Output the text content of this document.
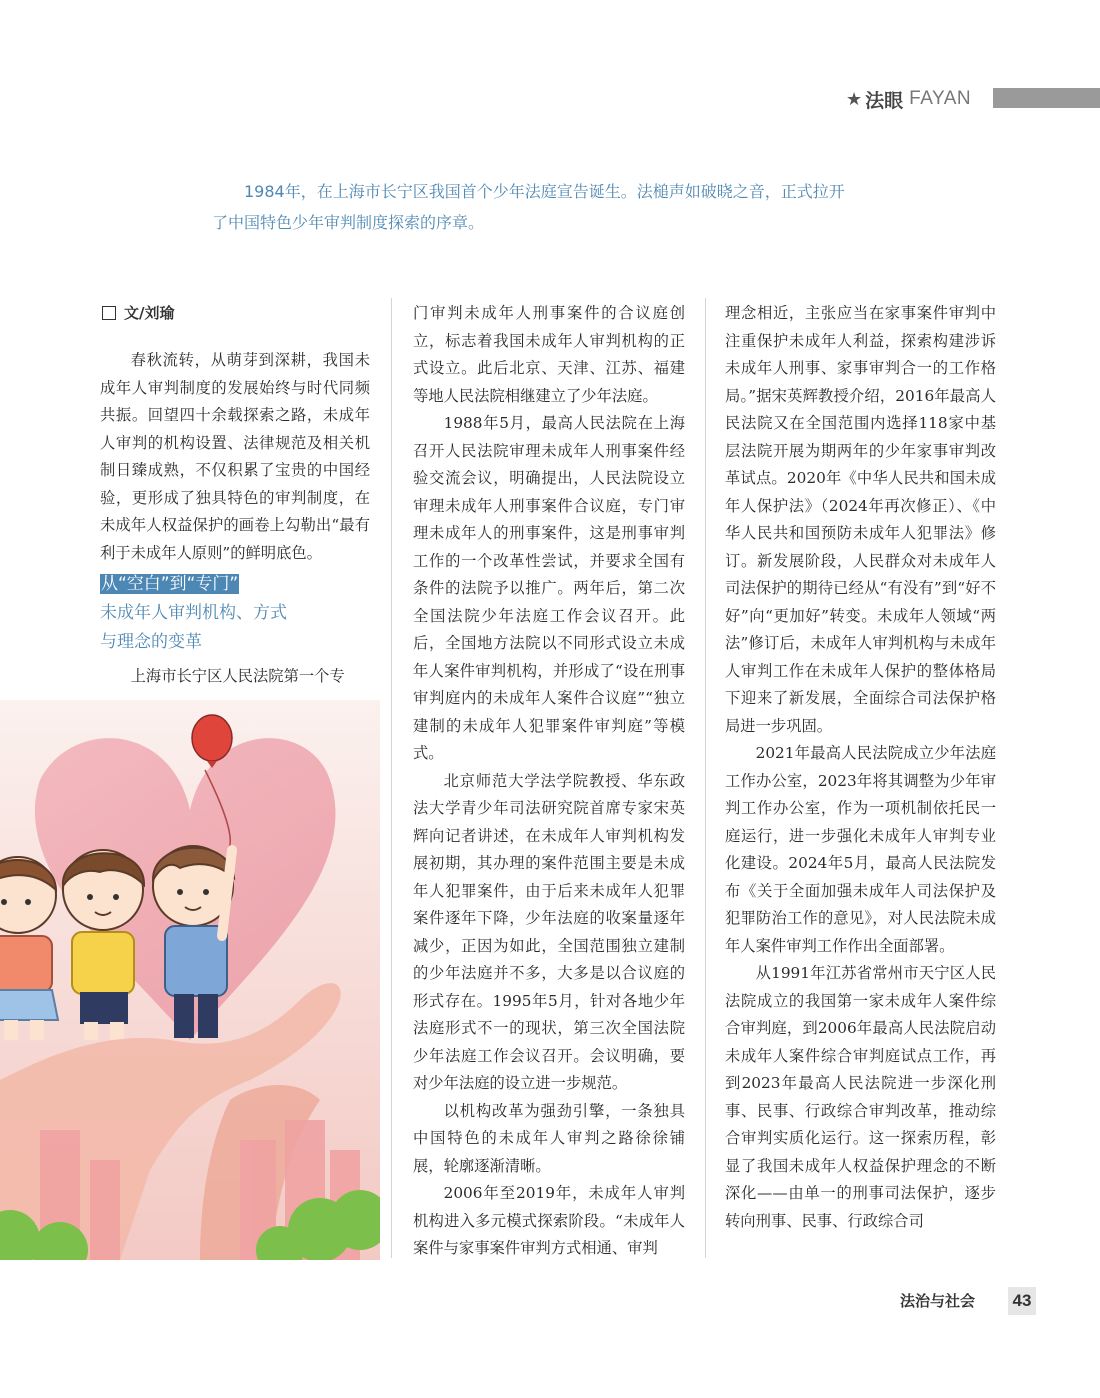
★ 法眼 FAYAN

1984年，在上海市长宁区我国首个少年法庭宣告诞生。法槌声如破晓之音，正式拉开了中国特色少年审判制度探索的序章。

文/刘瑜

春秋流转，从萌芽到深耕，我国未成年人审判制度的发展始终与时代同频共振。回望四十余载探索之路，未成年人审判的机构设置、法律规范及相关机制日臻成熟，不仅积累了宝贵的中国经验，更形成了独具特色的审判制度，在未成年人权益保护的画卷上勾勒出“最有利于未成年人原则”的鲜明底色。

上海市长宁区人民法院第一个专

从“空白”到“专门”
未成年人审判机构、方式
与理念的变革

门审判未成年人刑事案件的合议庭创立，标志着我国未成年人审判机构的正式设立。此后北京、天津、江苏、福建等地人民法院相继建立了少年法庭。

1988年5月，最高人民法院在上海召开人民法院审理未成年人刑事案件经验交流会议，明确提出，人民法院设立审理未成年人刑事案件合议庭，专门审理未成年人的刑事案件，这是刑事审判工作的一个改革性尝试，并要求全国有条件的法院予以推广。两年后，第二次全国法院少年法庭工作会议召开。此后，全国地方法院以不同形式设立未成年人案件审判机构，并形成了“设在刑事审判庭内的未成年人案件合议庭”“独立建制的未成年人犯罪案件审判庭”等模式。

北京师范大学法学院教授、华东政法大学青少年司法研究院首席专家宋英辉向记者讲述，在未成年人审判机构发展初期，其办理的案件范围主要是未成年人犯罪案件，由于后来未成年人犯罪案件逐年下降，少年法庭的收案量逐年减少，正因为如此，全国范围独立建制的少年法庭并不多，大多是以合议庭的形式存在。1995年5月，针对各地少年法庭形式不一的现状，第三次全国法院少年法庭工作会议召开。会议明确，要对少年法庭的设立进一步规范。

以机构改革为强劲引擎，一条独具中国特色的未成年人审判之路徐徐铺展，轮廓逐渐清晰。

2006年至2019年，未成年人审判机构进入多元模式探索阶段。“未成年人案件与家事案件审判方式相通、审判

理念相近，主张应当在家事案件审判中注重保护未成年人利益，探索构建涉诉未成年人刑事、家事审判合一的工作格局。”据宋英辉教授介绍，2016年最高人民法院又在全国范围内选择118家中基层法院开展为期两年的少年家事审判改革试点。2020年《中华人民共和国未成年人保护法》（2024年再次修正）、《中华人民共和国预防未成年人犯罪法》修订。新发展阶段，人民群众对未成年人司法保护的期待已经从“有没有”到“好不好”向“更加好”转变。未成年人领域“两法”修订后，未成年人审判机构与未成年人审判工作在未成年人保护的整体格局下迎来了新发展，全面综合司法保护格局进一步巩固。

2021年最高人民法院成立少年法庭工作办公室，2023年将其调整为少年审判工作办公室，作为一项机制依托民一庭运行，进一步强化未成年人审判专业化建设。2024年5月，最高人民法院发布《关于全面加强未成年人司法保护及犯罪防治工作的意见》，对人民法院未成年人案件审判工作作出全面部署。

从1991年江苏省常州市天宁区人民法院成立的我国第一家未成年人案件综合审判庭，到2006年最高人民法院启动未成年人案件综合审判庭试点工作，再到2023年最高人民法院进一步深化刑事、民事、行政综合审判改革，推动综合审判实质化运行。这一探索历程，彰显了我国未成年人权益保护理念的不断深化——由单一的刑事司法保护，逐步转向刑事、民事、行政综合司

法治与社会 43
